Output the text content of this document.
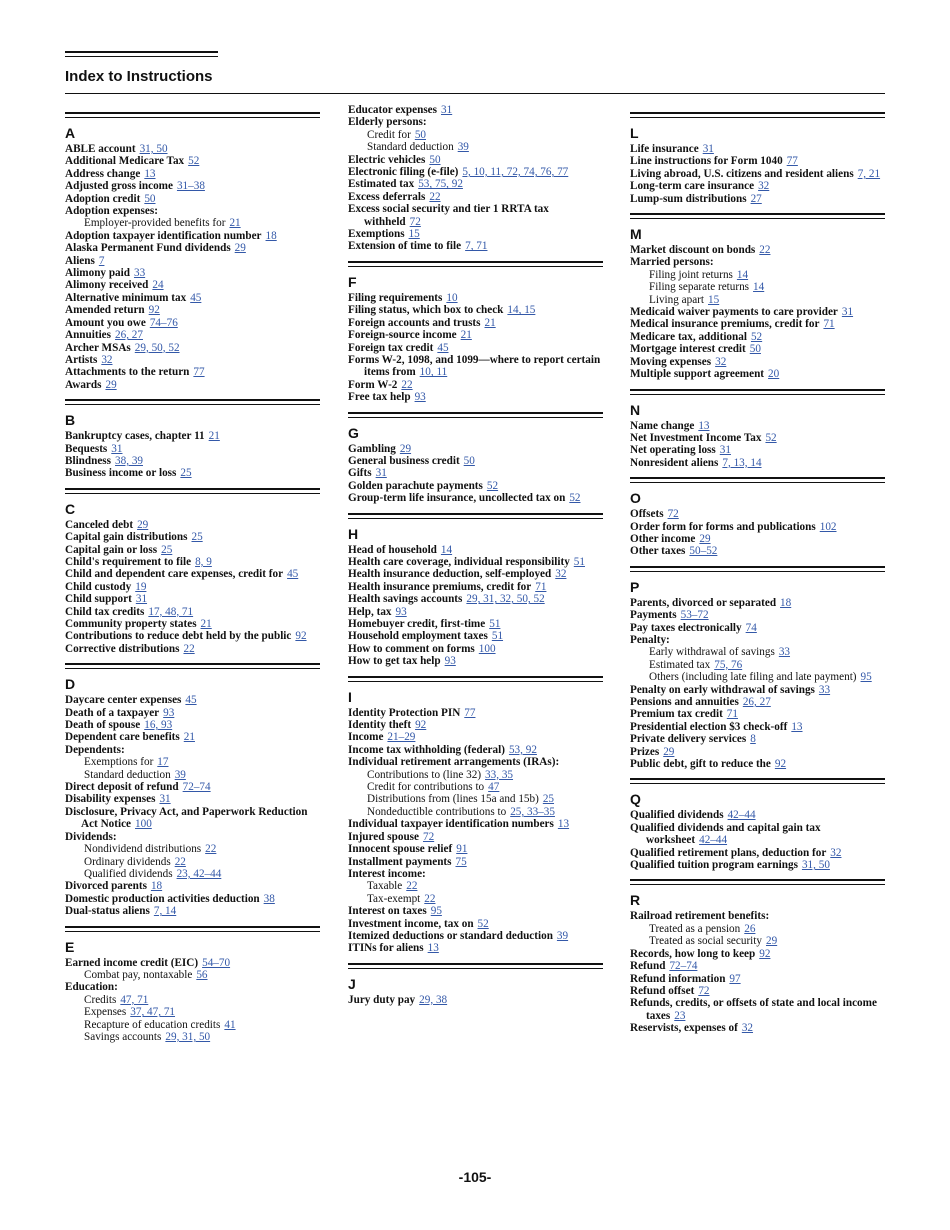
Index to Instructions
A
ABLE account 31, 50
Additional Medicare Tax 52
Address change 13
Adjusted gross income 31–38
Adoption credit 50
Adoption expenses:
Employer-provided benefits for 21
Adoption taxpayer identification number 18
Alaska Permanent Fund dividends 29
Aliens 7
Alimony paid 33
Alimony received 24
Alternative minimum tax 45
Amended return 92
Amount you owe 74–76
Annuities 26, 27
Archer MSAs 29, 50, 52
Artists 32
Attachments to the return 77
Awards 29
B
Bankruptcy cases, chapter 11 21
Bequests 31
Blindness 38, 39
Business income or loss 25
C
Canceled debt 29
Capital gain distributions 25
Capital gain or loss 25
Child's requirement to file 8, 9
Child and dependent care expenses, credit for 45
Child custody 19
Child support 31
Child tax credits 17, 48, 71
Community property states 21
Contributions to reduce debt held by the public 92
Corrective distributions 22
D
Daycare center expenses 45
Death of a taxpayer 93
Death of spouse 16, 93
Dependent care benefits 21
Dependents:
Exemptions for 17
Standard deduction 39
Direct deposit of refund 72–74
Disability expenses 31
Disclosure, Privacy Act, and Paperwork Reduction Act Notice 100
Dividends:
Nondividend distributions 22
Ordinary dividends 22
Qualified dividends 23, 42–44
Divorced parents 18
Domestic production activities deduction 38
Dual-status aliens 7, 14
E
Earned income credit (EIC) 54–70
Combat pay, nontaxable 56
Education:
Credits 47, 71
Expenses 37, 47, 71
Recapture of education credits 41
Savings accounts 29, 31, 50
Educator expenses 31
Elderly persons:
Credit for 50
Standard deduction 39
Electric vehicles 50
Electronic filing (e-file) 5, 10, 11, 72, 74, 76, 77
Estimated tax 53, 75, 92
Excess deferrals 22
Excess social security and tier 1 RRTA tax withheld 72
Exemptions 15
Extension of time to file 7, 71
F
Filing requirements 10
Filing status, which box to check 14, 15
Foreign accounts and trusts 21
Foreign-source income 21
Foreign tax credit 45
Forms W-2, 1098, and 1099—where to report certain items from 10, 11
Form W-2 22
Free tax help 93
G
Gambling 29
General business credit 50
Gifts 31
Golden parachute payments 52
Group-term life insurance, uncollected tax on 52
H
Head of household 14
Health care coverage, individual responsibility 51
Health insurance deduction, self-employed 32
Health insurance premiums, credit for 71
Health savings accounts 29, 31, 32, 50, 52
Help, tax 93
Homebuyer credit, first-time 51
Household employment taxes 51
How to comment on forms 100
How to get tax help 93
I
Identity Protection PIN 77
Identity theft 92
Income 21–29
Income tax withholding (federal) 53, 92
Individual retirement arrangements (IRAs):
Contributions to (line 32) 33, 35
Credit for contributions to 47
Distributions from (lines 15a and 15b) 25
Nondeductible contributions to 25, 33–35
Individual taxpayer identification numbers 13
Injured spouse 72
Innocent spouse relief 91
Installment payments 75
Interest income:
Taxable 22
Tax-exempt 22
Interest on taxes 95
Investment income, tax on 52
Itemized deductions or standard deduction 39
ITINs for aliens 13
J
Jury duty pay 29, 38
L
Life insurance 31
Line instructions for Form 1040 77
Living abroad, U.S. citizens and resident aliens 7, 21
Long-term care insurance 32
Lump-sum distributions 27
M
Market discount on bonds 22
Married persons:
Filing joint returns 14
Filing separate returns 14
Living apart 15
Medicaid waiver payments to care provider 31
Medical insurance premiums, credit for 71
Medicare tax, additional 52
Mortgage interest credit 50
Moving expenses 32
Multiple support agreement 20
N
Name change 13
Net Investment Income Tax 52
Net operating loss 31
Nonresident aliens 7, 13, 14
O
Offsets 72
Order form for forms and publications 102
Other income 29
Other taxes 50–52
P
Parents, divorced or separated 18
Payments 53–72
Pay taxes electronically 74
Penalty:
Early withdrawal of savings 33
Estimated tax 75, 76
Others (including late filing and late payment) 95
Penalty on early withdrawal of savings 33
Pensions and annuities 26, 27
Premium tax credit 71
Presidential election $3 check-off 13
Private delivery services 8
Prizes 29
Public debt, gift to reduce the 92
Q
Qualified dividends 42–44
Qualified dividends and capital gain tax worksheet 42–44
Qualified retirement plans, deduction for 32
Qualified tuition program earnings 31, 50
R
Railroad retirement benefits:
Treated as a pension 26
Treated as social security 29
Records, how long to keep 92
Refund 72–74
Refund information 97
Refund offset 72
Refunds, credits, or offsets of state and local income taxes 23
Reservists, expenses of 32
-105-
